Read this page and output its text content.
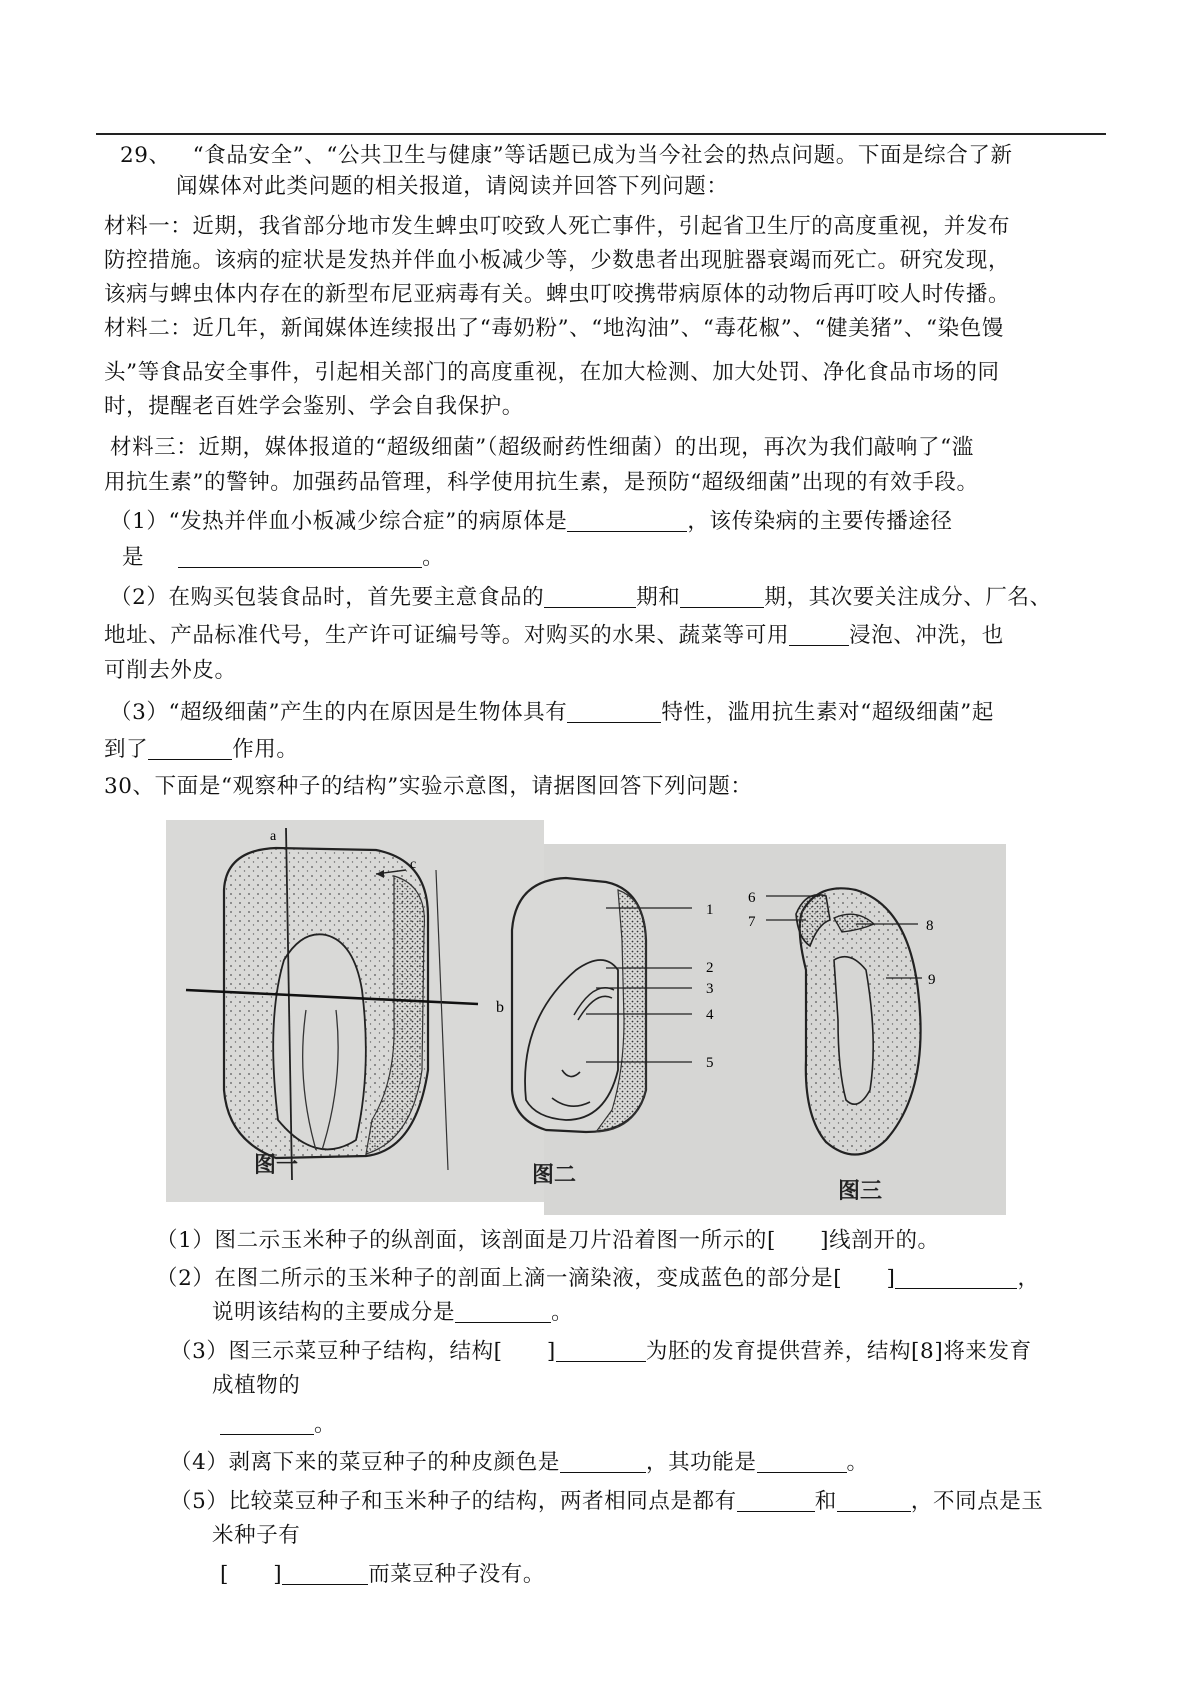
29、 “食品安全”、“公共卫生与健康”等话题已成为当今社会的热点问题。下面是综合了新
闻媒体对此类问题的相关报道，请阅读并回答下列问题：
材料一：近期，我省部分地市发生蜱虫叮咬致人死亡事件，引起省卫生厅的高度重视，并发布
防控措施。该病的症状是发热并伴血小板减少等，少数患者出现脏器衰竭而死亡。研究发现，
该病与蜱虫体内存在的新型布尼亚病毒有关。蜱虫叮咬携带病原体的动物后再叮咬人时传播。
材料二：近几年，新闻媒体连续报出了“毒奶粉”、“地沟油”、“毒花椒”、“健美猪”、“染色馒
头”等食品安全事件，引起相关部门的高度重视，在加大检测、加大处罚、净化食品市场的同
时，提醒老百姓学会鉴别、学会自我保护。
材料三：近期，媒体报道的“超级细菌”（超级耐药性细菌）的出现，再次为我们敲响了“滥
用抗生素”的警钟。加强药品管理，科学使用抗生素，是预防“超级细菌”出现的有效手段。
（1）“发热并伴血小板减少综合症”的病原体是	，该传染病的主要传播途径
是	。
（2）在购买包装食品时，首先要主意食品的	期和	期，其次要关注成分、厂名、
地址、产品标准代号，生产许可证编号等。对购买的水果、蔬菜等可用	浸泡、冲洗，也
可削去外皮。
（3）“超级细菌”产生的内在原因是生物体具有	特性，滥用抗生素对“超级细菌”起
到了	作用。
30、下面是“观察种子的结构”实验示意图，请据图回答下列问题：
a
b
c
图一
1
2
3
4
5
图二
6
7	8
9
图三
（1）图二示玉米种子的纵剖面，该剖面是刀片沿着图一所示的[　　]线剖开的。
（2）在图二所示的玉米种子的剖面上滴一滴染液，变成蓝色的部分是[　　]	，
说明该结构的主要成分是	。
（3）图三示菜豆种子结构，结构[　　]	为胚的发育提供营养，结构[8]将来发育
成植物的
。
（4）剥离下来的菜豆种子的种皮颜色是	，其功能是	。
（5）比较菜豆种子和玉米种子的结构，两者相同点是都有	和	，不同点是玉
米种子有
[　　]	而菜豆种子没有。
